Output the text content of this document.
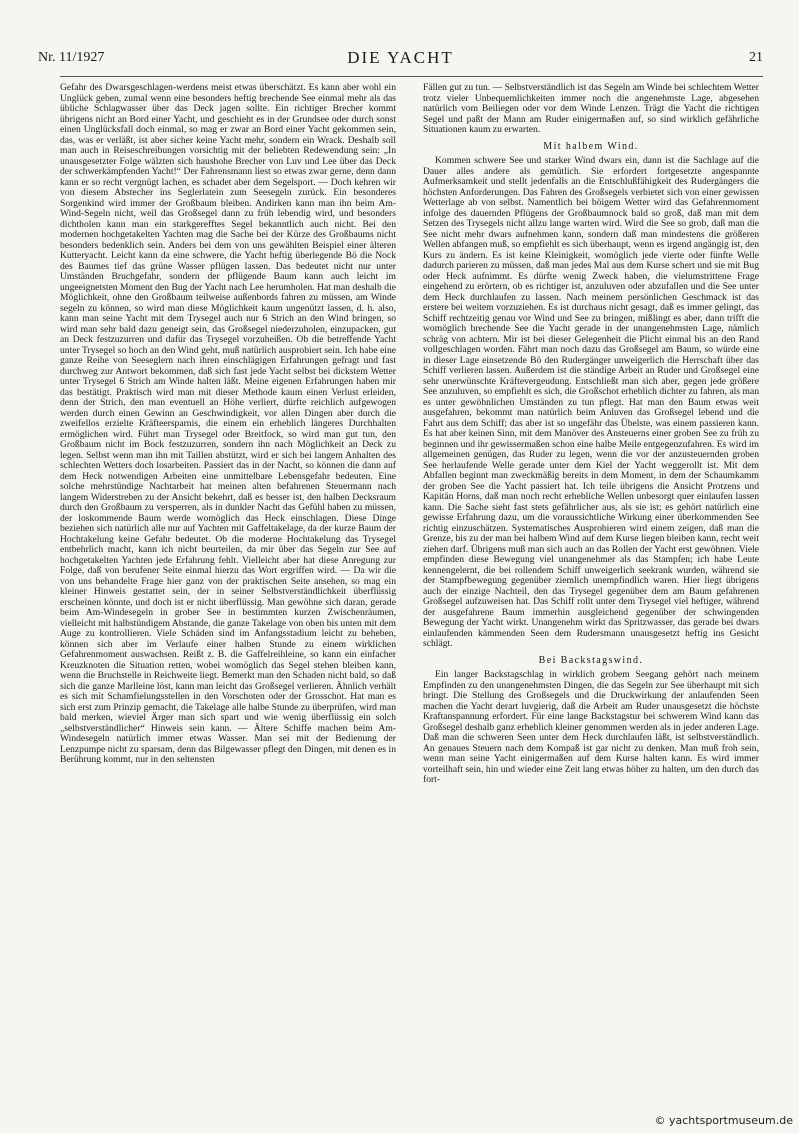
Nr. 11/1927	DIE YACHT	21

Gefahr des Dwarsgeschlagen-werdens meist etwas überschätzt. Es kann aber wohl ein Unglück geben, zumal wenn eine besonders heftig brechende See einmal mehr als das übliche Schlagwasser über das Deck jagen sollte. Ein richtiger Brecher kommt übrigens nicht an Bord einer Yacht, und geschieht es in der Grundsee oder durch sonst einen Unglücksfall doch einmal, so mag er zwar an Bord einer Yacht gekommen sein, das, was er verläßt, ist aber sicher keine Yacht mehr, sondern ein Wrack. Deshalb soll man auch in Reiseschreibungen vorsichtig mit der beliebten Redewendung sein: „In unausgesetzter Folge wälzten sich haushohe Brecher von Luv und Lee über das Deck der schwerkämpfenden Yacht!“ Der Fahrensmann liest so etwas zwar gerne, denn dann kann er so recht vergnügt lachen, es schadet aber dem Segelsport. — Doch kehren wir von diesem Abstecher ins Seglerlatein zum Seesegeln zurück. Ein besonderes Sorgenkind wird immer der Großbaum bleiben. Andirken kann man ihn beim Am-Wind-Segeln nicht, weil das Großsegel dann zu früh lebendig wird, und besonders dichtholen kann man ein starkgerefftes Segel bekanntlich auch nicht. Bei den modernen hochgetakelten Yachten mag die Sache bei der Kürze des Großbaums nicht besonders bedenklich sein. Anders bei dem von uns gewählten Beispiel einer älteren Kutteryacht. Leicht kann da eine schwere, die Yacht heftig überlegende Bö die Nock des Baumes tief das grüne Wasser pflügen lassen. Das bedeutet nicht nur unter Umständen Bruchgefahr, sondern der pflügende Baum kann auch leicht im ungeeignetsten Moment den Bug der Yacht nach Lee herumholen. Hat man deshalb die Möglichkeit, ohne den Großbaum teilweise außenbords fahren zu müssen, am Winde segeln zu können, so wird man diese Möglichkeit kaum ungenützt lassen, d. h. also, kann man seine Yacht mit dem Trysegel auch nur 6 Strich an den Wind bringen, so wird man sehr bald dazu geneigt sein, das Großsegel niederzuholen, einzupacken, gut an Deck festzuzurren und dafür das Trysegel vorzuheißen. Ob die betreffende Yacht unter Trysegel so hoch an den Wind geht, muß natürlich ausprobiert sein. Ich habe eine ganze Reihe von Seeseglern nach ihren einschlägigen Erfahrungen gefragt und fast durchweg zur Antwort bekommen, daß sich fast jede Yacht selbst bei dickstem Wetter unter Trysegel 6 Strich am Winde halten läßt. Meine eigenen Erfahrungen haben mir das bestätigt. Praktisch wird man mit dieser Methode kaum einen Verlust erleiden, denn der Strich, den man eventuell an Höhe verliert, dürfte reichlich aufgewogen werden durch einen Gewinn an Geschwindigkeit, vor allen Dingen aber durch die zweifellos erzielte Kräfteersparnis, die einem ein erheblich längeres Durchhalten ermöglichen wird. Führt man Trysegel oder Breitfock, so wird man gut tun, den Großbaum nicht im Bock festzuzurren, sondern ihn nach Möglichkeit an Deck zu legen. Selbst wenn man ihn mit Taillen abstützt, wird er sich bei langem Anhalten des schlechten Wetters doch losarbeiten. Passiert das in der Nacht, so können die dann auf dem Heck notwendigen Arbeiten eine unmittelbare Lebensgefahr bedeuten. Eine solche mehrstündige Nachtarbeit hat meinen alten befahrenen Steuermann nach langem Widerstreben zu der Ansicht bekehrt, daß es besser ist, den halben Decksraum durch den Großbaum zu versperren, als in dunkler Nacht das Gefühl haben zu müssen, der loskommende Baum werde womöglich das Heck einschlagen. Diese Dinge beziehen sich natürlich alle nur auf Yachten mit Gaffeltakelage, da der kurze Baum der Hochtakelung keine Gefahr bedeutet. Ob die moderne Hochtakelung das Trysegel entbehrlich macht, kann ich nicht beurteilen, da mir über das Segeln zur See auf hochgetakelten Yachten jede Erfahrung fehlt. Vielleicht aber hat diese Anregung zur Folge, daß von berufener Seite einmal hierzu das Wort ergriffen wird. — Da wir die von uns behandelte Frage hier ganz von der praktischen Seite ansehen, so mag ein kleiner Hinweis gestattet sein, der in seiner Selbstverständlichkeit überflüssig erscheinen könnte, und doch ist er nicht überflüssig. Man gewöhne sich daran, gerade beim Am-Windesegeln in grober See in bestimmten kurzen Zwischenräumen, vielleicht mit halbstündigem Abstande, die ganze Takelage von oben bis unten mit dem Auge zu kontrollieren. Viele Schäden sind im Anfangsstadium leicht zu beheben, können sich aber im Verlaufe einer halben Stunde zu einem wirklichen Gefahrenmoment auswachsen. Reißt z. B. die Gaffelreihleine, so kann ein einfacher Kreuzknoten die Situation retten, wobei womöglich das Segel stehen bleiben kann, wenn die Bruchstelle in Reichweite liegt. Bemerkt man den Schaden nicht bald, so daß sich die ganze Marlleine löst, kann man leicht das Großsegel verlieren. Ähnlich verhält es sich mit Schamfielungsstellen in den Vorschoten oder der Grosschot. Hat man es sich erst zum Prinzip gemacht, die Takelage alle halbe Stunde zu überprüfen, wird man bald merken, wieviel Ärger man sich spart und wie wenig überflüssig ein solch „selbstverständlicher“ Hinweis sein kann. — Ältere Schiffe machen beim Am-Windesegeln natürlich immer etwas Wasser. Man sei mit der Bedienung der Lenzpumpe nicht zu sparsam, denn das Bilgewasser pflegt den Dingen, mit denen es in Berührung kommt, nur in den seltensten

Fällen gut zu tun. — Selbstverständlich ist das Segeln am Winde bei schlechtem Wetter trotz vieler Unbequemlichkeiten immer noch die angenehmste Lage, abgesehen natürlich vom Beiliegen oder vor dem Winde Lenzen. Trägt die Yacht die richtigen Segel und paßt der Mann am Ruder einigermaßen auf, so sind wirklich gefährliche Situationen kaum zu erwarten.

Mit halbem Wind.

Kommen schwere See und starker Wind dwars ein, dann ist die Sachlage auf die Dauer alles andere als gemütlich. Sie erfordert fortgesetzte angespannte Aufmerksamkeit und stellt jedenfalls an die Entschlußfähigkeit des Rudergängers die höchsten Anforderungen. Das Fahren des Großsegels verbietet sich von einer gewissen Wetterlage ab von selbst. Namentlich bei böigem Wetter wird das Gefahrenmoment infolge des dauernden Pflügens der Großbaumnock bald so groß, daß man mit dem Setzen des Trysegels nicht allzu lange warten wird. Wird die See so grob, daß man die See nicht mehr dwars aufnehmen kann, sondern daß man mindestens die größeren Wellen abfangen muß, so empfiehlt es sich überhaupt, wenn es irgend angängig ist, den Kurs zu ändern. Es ist keine Kleinigkeit, womöglich jede vierte oder fünfte Welle dadurch parieren zu müssen, daß man jedes Mal aus dem Kurse schert und sie mit Bug oder Heck aufnimmt. Es dürfte wenig Zweck haben, die vielumstrittene Frage eingehend zu erörtern, ob es richtiger ist, anzuluven oder abzufallen und die See unter dem Heck durchlaufen zu lassen. Nach meinem persönlichen Geschmack ist das erstere bei weitem vorzuziehen. Es ist durchaus nicht gesagt, daß es immer gelingt, das Schiff rechtzeitig genau vor Wind und See zu bringen, mißlingt es aber, dann trifft die womöglich brechende See die Yacht gerade in der unangenehmsten Lage, nämlich schräg von achtern. Mir ist bei dieser Gelegenheit die Plicht einmal bis an den Rand vollgeschlagen worden. Fährt man noch dazu das Großsegel am Baum, so würde eine in dieser Lage einsetzende Bö den Rudergänger unweigerlich die Herrschaft über das Schiff verlieren lassen. Außerdem ist die ständige Arbeit an Ruder und Großsegel eine sehr unerwünschte Kräftevergeudung. Entschließt man sich aber, gegen jede größere See anzuluven, so empfiehlt es sich, die Großschot erheblich dichter zu fahren, als man es unter gewöhnlichen Umständen zu tun pflegt. Hat man den Baum etwas weit ausgefahren, bekommt man natürlich beim Anluven das Großsegel lebend und die Fahrt aus dem Schiff; das aber ist so ungefähr das Übelste, was einem passieren kann. Es hat aber keinen Sinn, mit dem Manöver des Ansteuerns einer groben See zu früh zu beginnen und ihr gewissermaßen schon eine halbe Meile entgegenzufahren. Es wird im allgemeinen genügen, das Ruder zu legen, wenn die vor der anzusteuernden groben See herlaufende Welle gerade unter dem Kiel der Yacht weggerollt ist. Mit dem Abfallen beginnt man zweckmäßig bereits in dem Moment, in dem der Schaumkamm der groben See die Yacht passiert hat. Ich teile übrigens die Ansicht Protzens und Kapitän Horns, daß man noch recht erhebliche Wellen unbesorgt quer einlaufen lassen kann. Die Sache sieht fast stets gefährlicher aus, als sie ist; es gehört natürlich eine gewisse Erfahrung dazu, um die voraussichtliche Wirkung einer überkommenden See richtig einzuschätzen. Systematisches Ausprobieren wird einem zeigen, daß man die Grenze, bis zu der man bei halbem Wind auf dem Kurse liegen bleiben kann, recht weit ziehen darf. Übrigens muß man sich auch an das Rollen der Yacht erst gewöhnen. Viele empfinden diese Bewegung viel unangenehmer als das Stampfen; ich habe Leute kennengelernt, die bei rollendem Schiff unweigerlich seekrank wurden, während sie der Stampfbewegung gegenüber ziemlich unempfindlich waren. Hier liegt übrigens auch der einzige Nachteil, den das Trysegel gegenüber dem am Baum gefahrenen Großsegel aufzuweisen hat. Das Schiff rollt unter dem Trysegel viel heftiger, während der ausgefahrene Baum immerhin ausgleichend gegenüber der schwingenden Bewegung der Yacht wirkt. Unangenehm wirkt das Spritzwasser, das gerade bei dwars einlaufenden kämmenden Seen dem Rudersmann unausgesetzt heftig ins Gesicht schlägt.

Bei Backstagswind.

Ein langer Backstagschlag in wirklich grobem Seegang gehört nach meinem Empfinden zu den unangenehmsten Dingen, die das Segeln zur See überhaupt mit sich bringt. Die Stellung des Großsegels und die Druckwirkung der anlaufenden Seen machen die Yacht derart luvgierig, daß die Arbeit am Ruder unausgesetzt die höchste Kraftanspannung erfordert. Für eine lange Backstagstur bei schwerem Wind kann das Großsegel deshalb ganz erheblich kleiner genommen werden als in jeder anderen Lage. Daß man die schweren Seen unter dem Heck durchlaufen läßt, ist selbstverständlich. An genaues Steuern nach dem Kompaß ist gar nicht zu denken. Man muß froh sein, wenn man seine Yacht einigermaßen auf dem Kurse halten kann. Es wird immer vorteilhaft sein, hin und wieder eine Zeit lang etwas höher zu halten, um den durch das fort-

© yachtsportmuseum.de
